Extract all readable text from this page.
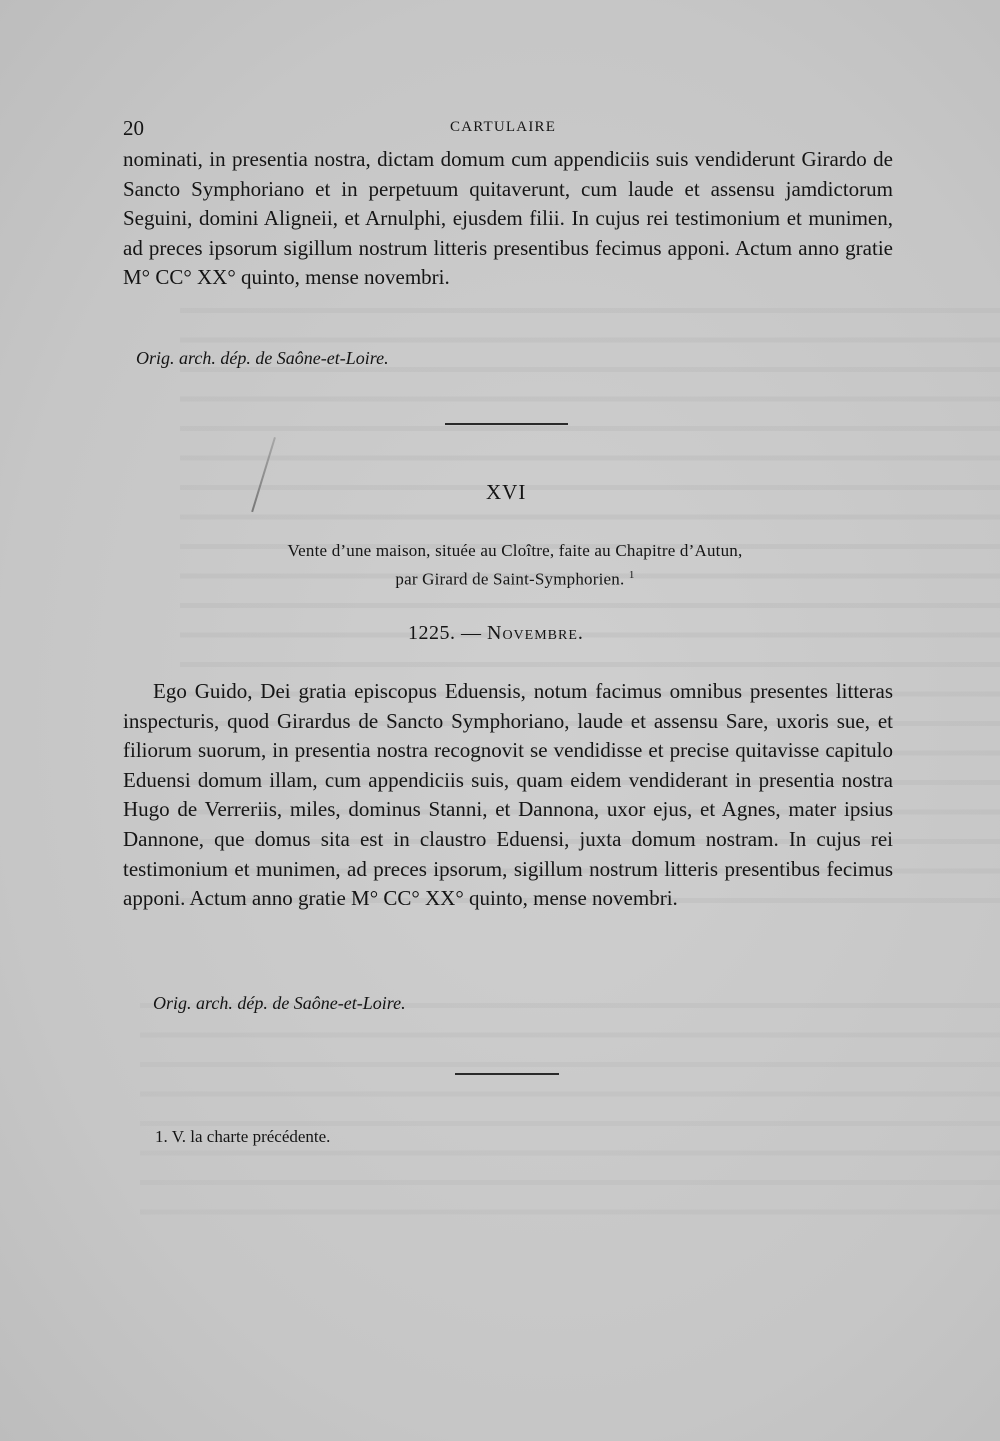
20	CARTULAIRE

nominati, in presentia nostra, dictam domum cum appendiciis suis vendiderunt Girardo de Sancto Symphoriano et in perpetuum quitaverunt, cum laude et assensu jamdictorum Seguini, domini Aligneii, et Arnulphi, ejusdem filii. In cujus rei testimonium et munimen, ad preces ipsorum sigillum nostrum litteris presentibus fecimus apponi. Actum anno gratie M° CC° XX° quinto, mense novembri.

Orig. arch. dép. de Saône-et-Loire.
XVI
Vente d’une maison, située au Cloître, faite au Chapitre d’Autun,
par Girard de Saint-Symphorien. $^1$
1225. — Novembre.

Ego Guido, Dei gratia episcopus Eduensis, notum facimus omnibus presentes litteras inspecturis, quod Girardus de Sancto Symphoriano, laude et assensu Sare, uxoris sue, et filiorum suorum, in presentia nostra recognovit se vendidisse et precise quitavisse capitulo Eduensi domum illam, cum appendiciis suis, quam eidem vendiderant in presentia nostra Hugo de Verreriis, miles, dominus Stanni, et Dannona, uxor ejus, et Agnes, mater ipsius Dannone, que domus sita est in claustro Eduensi, juxta domum nostram. In cujus rei testimonium et munimen, ad preces ipsorum, sigillum nostrum litteris presentibus fecimus apponi. Actum anno gratie M° CC° XX° quinto, mense novembri.

Orig. arch. dép. de Saône-et-Loire.
1. V. la charte précédente.
